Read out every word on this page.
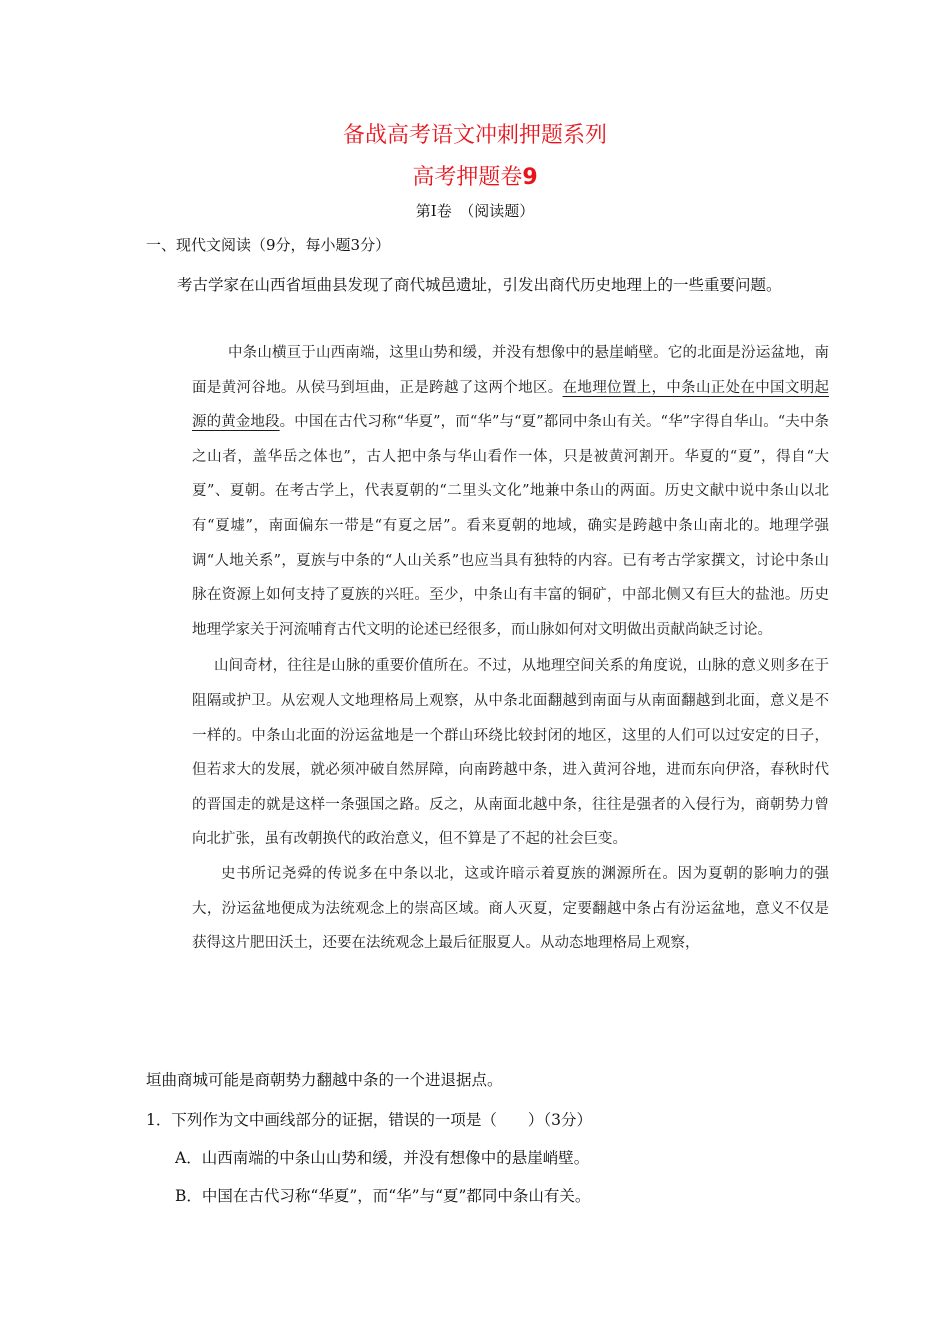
备战高考语文冲刺押题系列
高考押题卷9
第Ⅰ卷　（阅读题）
一、现代文阅读（9分，每小题3分）
考古学家在山西省垣曲县发现了商代城邑遗址，引发出商代历史地理上的一些重要问题。

中条山横亘于山西南端，这里山势和缓，并没有想像中的悬崖峭壁。它的北面是汾运盆地，南面是黄河谷地。从侯马到垣曲，正是跨越了这两个地区。在地理位置上，中条山正处在中国文明起源的黄金地段。中国在古代习称“华夏”，而“华”与“夏”都同中条山有关。“华”字得自华山。“夫中条之山者，盖华岳之体也”，古人把中条与华山看作一体，只是被黄河割开。华夏的“夏”，得自“大夏”、夏朝。在考古学上，代表夏朝的“二里头文化”地兼中条山的两面。历史文献中说中条山以北有“夏墟”，南面偏东一带是“有夏之居”。看来夏朝的地域，确实是跨越中条山南北的。地理学强调“人地关系”，夏族与中条的“人山关系”也应当具有独特的内容。已有考古学家撰文，讨论中条山脉在资源上如何支持了夏族的兴旺。至少，中条山有丰富的铜矿，中部北侧又有巨大的盐池。历史地理学家关于河流哺育古代文明的论述已经很多，而山脉如何对文明做出贡献尚缺乏讨论。

山间奇材，往往是山脉的重要价值所在。不过，从地理空间关系的角度说，山脉的意义则多在于阻隔或护卫。从宏观人文地理格局上观察，从中条北面翻越到南面与从南面翻越到北面，意义是不一样的。中条山北面的汾运盆地是一个群山环绕比较封闭的地区，这里的人们可以过安定的日子，但若求大的发展，就必须冲破自然屏障，向南跨越中条，进入黄河谷地，进而东向伊洛，春秋时代的晋国走的就是这样一条强国之路。反之，从南面北越中条，往往是强者的入侵行为，商朝势力曾向北扩张，虽有改朝换代的政治意义，但不算是了不起的社会巨变。

史书所记尧舜的传说多在中条以北，这或许暗示着夏族的渊源所在。因为夏朝的影响力的强大，汾运盆地便成为法统观念上的崇高区域。商人灭夏，定要翻越中条占有汾运盆地，意义不仅是获得这片肥田沃土，还要在法统观念上最后征服夏人。从动态地理格局上观察，

垣曲商城可能是商朝势力翻越中条的一个进退据点。
1．下列作为文中画线部分的证据，错误的一项是（　　）（3分）
A．山西南端的中条山山势和缓，并没有想像中的悬崖峭壁。
B．中国在古代习称“华夏”，而“华”与“夏”都同中条山有关。
